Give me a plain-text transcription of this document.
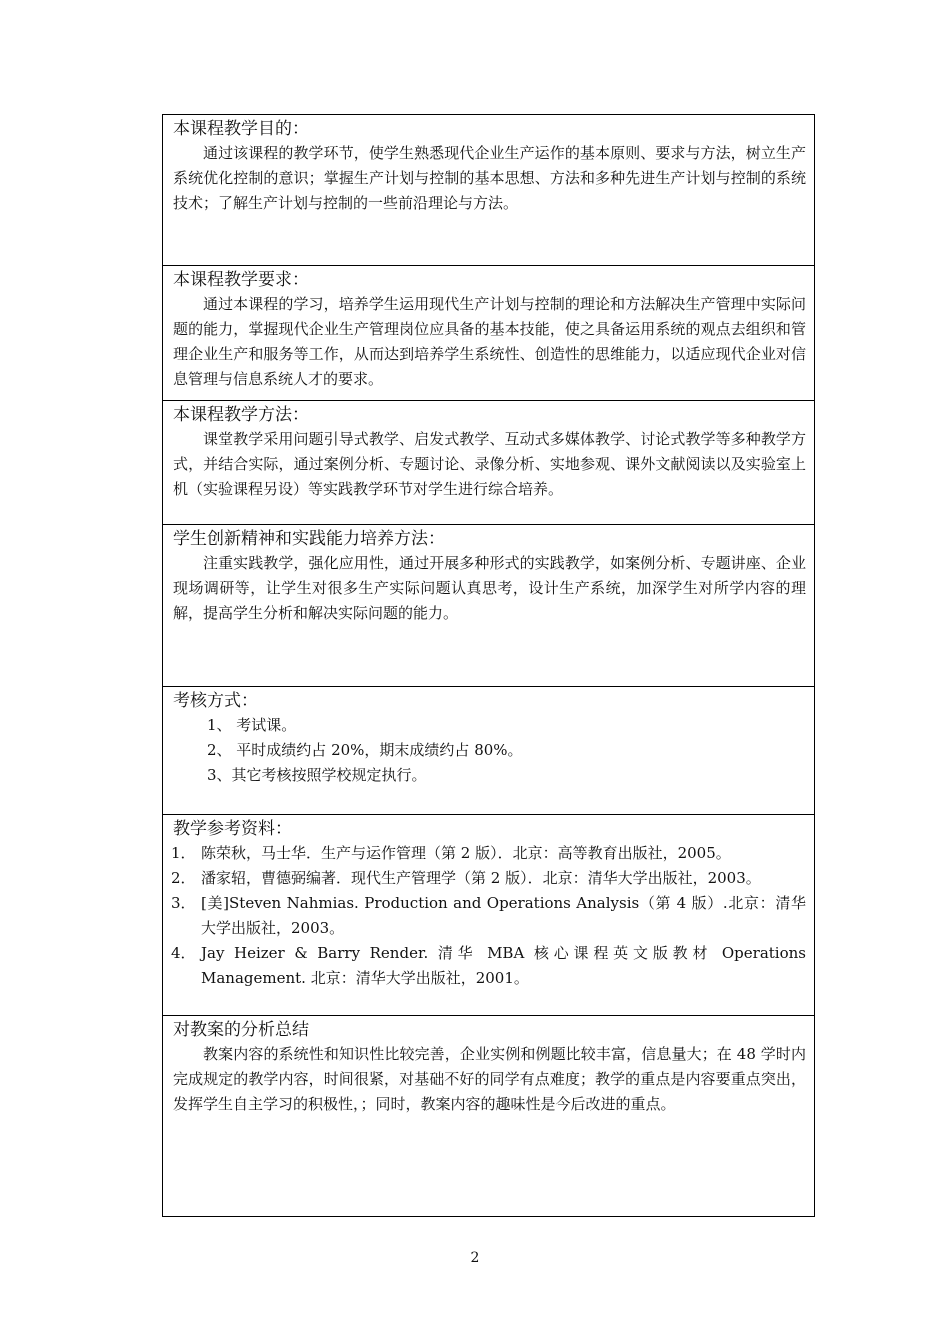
本课程教学目的：

通过该课程的教学环节，使学生熟悉现代企业生产运作的基本原则、要求与方法，树立生产系统优化控制的意识；掌握生产计划与控制的基本思想、方法和多种先进生产计划与控制的系统技术；了解生产计划与控制的一些前沿理论与方法。

本课程教学要求：

通过本课程的学习，培养学生运用现代生产计划与控制的理论和方法解决生产管理中实际问题的能力，掌握现代企业生产管理岗位应具备的基本技能，使之具备运用系统的观点去组织和管理企业生产和服务等工作，从而达到培养学生系统性、创造性的思维能力，以适应现代企业对信息管理与信息系统人才的要求。

本课程教学方法：

课堂教学采用问题引导式教学、启发式教学、互动式多媒体教学、讨论式教学等多种教学方式，并结合实际，通过案例分析、专题讨论、录像分析、实地参观、课外文献阅读以及实验室上机（实验课程另设）等实践教学环节对学生进行综合培养。

学生创新精神和实践能力培养方法：

注重实践教学，强化应用性，通过开展多种形式的实践教学，如案例分析、专题讲座、企业现场调研等，让学生对很多生产实际问题认真思考，设计生产系统，加深学生对所学内容的理解，提高学生分析和解决实际问题的能力。

考核方式：

1、 考试课。

2、 平时成绩约占 20%，期末成绩约占 80%。

3、其它考核按照学校规定执行。

教学参考资料：

1． 陈荣秋，马士华．生产与运作管理（第 2 版）．北京：高等教育出版社，2005。
2． 潘家轺，曹德弼编著．现代生产管理学（第 2 版）．北京：清华大学出版社，2003。
3． [美]Steven Nahmias. Production and Operations Analysis（第 4 版）.北京：清华大学出版社，2003。
4． Jay Heizer & Barry Render. 清华 MBA 核心课程英文版教材 Operations Management. 北京：清华大学出版社，2001。

对教案的分析总结

教案内容的系统性和知识性比较完善，企业实例和例题比较丰富，信息量大；在 48 学时内完成规定的教学内容，时间很紧，对基础不好的同学有点难度；教学的重点是内容要重点突出，发挥学生自主学习的积极性，；同时，教案内容的趣味性是今后改进的重点。

2
